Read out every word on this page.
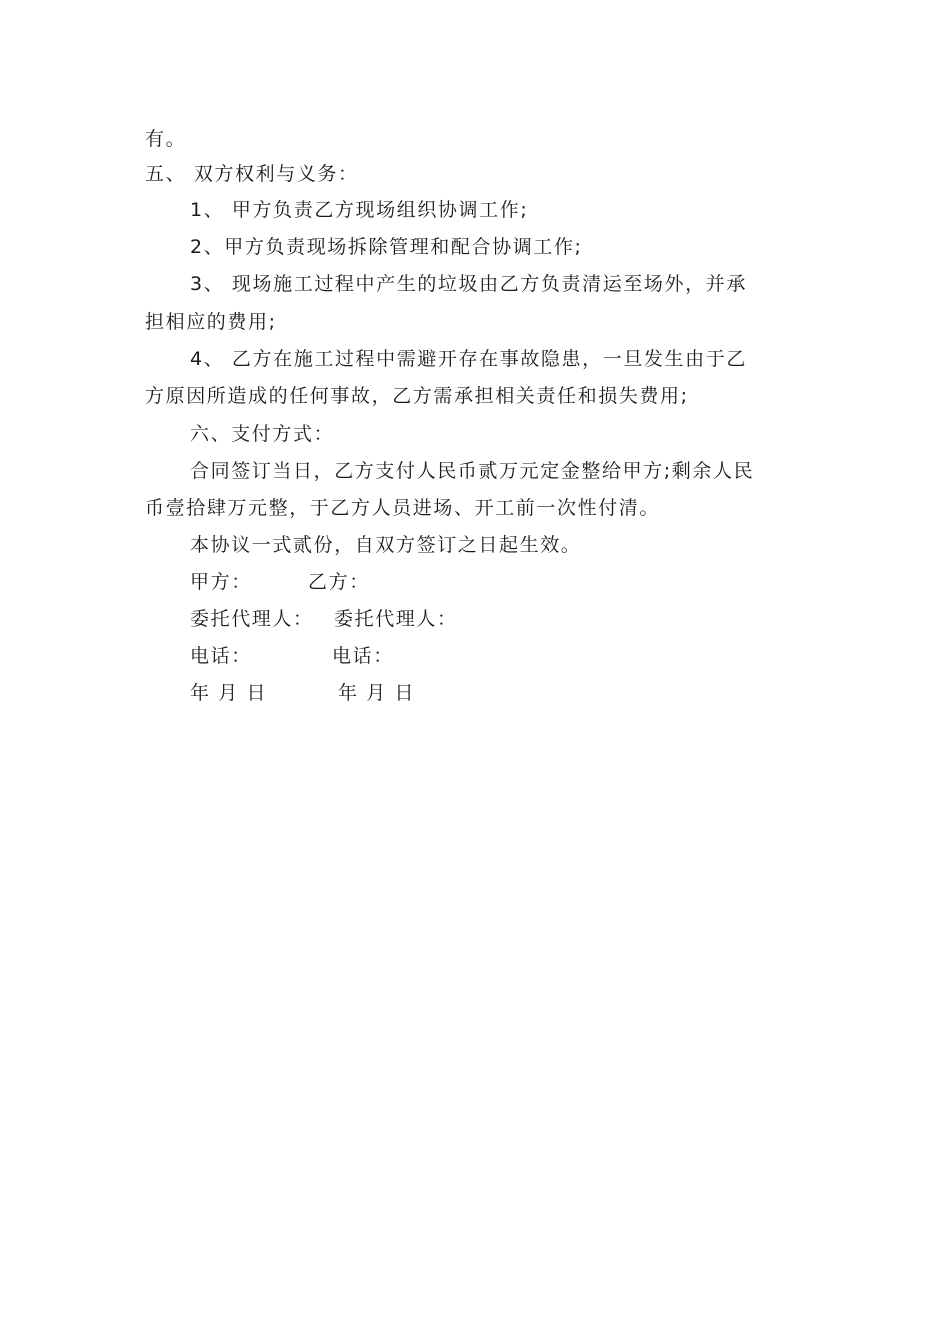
有。
五、 双方权利与义务：
1、 甲方负责乙方现场组织协调工作;
2、甲方负责现场拆除管理和配合协调工作;
3、 现场施工过程中产生的垃圾由乙方负责清运至场外，并承
担相应的费用;
4、 乙方在施工过程中需避开存在事故隐患，一旦发生由于乙
方原因所造成的任何事故，乙方需承担相关责任和损失费用;
六、支付方式：
合同签订当日，乙方支付人民币贰万元定金整给甲方;剩余人民
币壹拾肆万元整，于乙方人员进场、开工前一次性付清。
本协议一式贰份，自双方签订之日起生效。
甲方：	乙方：
委托代理人： 委托代理人：
电话：	电话：
年 月 日	年 月 日
